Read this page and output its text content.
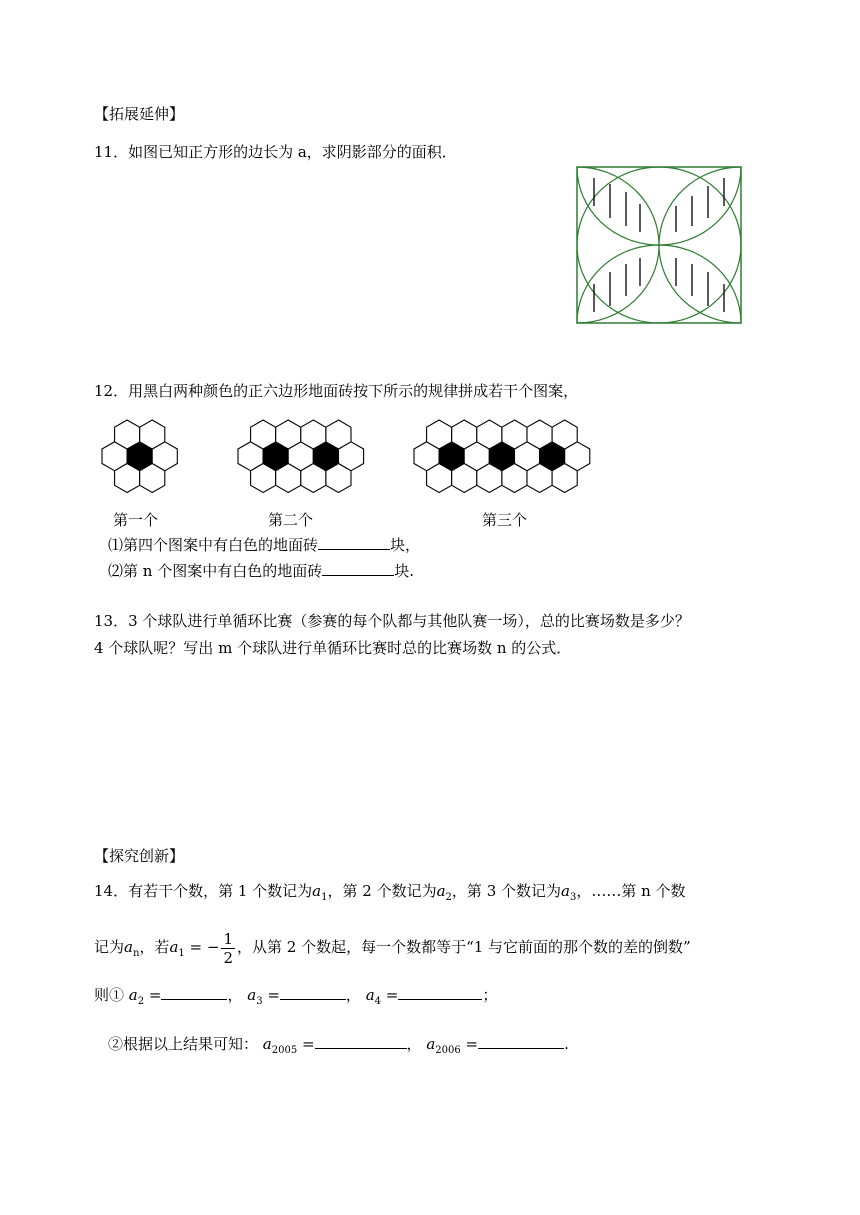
【拓展延伸】
11．如图已知正方形的边长为 a，求阴影部分的面积．
12．用黑白两种颜色的正六边形地面砖按下所示的规律拼成若干个图案，
第一个	第二个	第三个
⑴第四个图案中有白色的地面砖	块，
⑵第 n 个图案中有白色的地面砖	块.
13．3 个球队进行单循环比赛（参赛的每个队都与其他队赛一场），总的比赛场数是多少？
4 个球队呢？写出 m 个球队进行单循环比赛时总的比赛场数 n 的公式．
【探究创新】
14．有若干个数，第 1 个数记为$a_1$，第 2 个数记为$a_2$，第 3 个数记为$a_3$，……第 n 个数
记为$a_n$，若$a_1$ = − $\frac{1}{2}$ ，从第 2 个数起，每一个数都等于“1 与它前面的那个数的差的倒数”
则① $a_2$ =	， $a_3$ =	， $a_4$ =	；
②根据以上结果可知： $a_{2005}$ =	， $a_{2006}$ =	.
